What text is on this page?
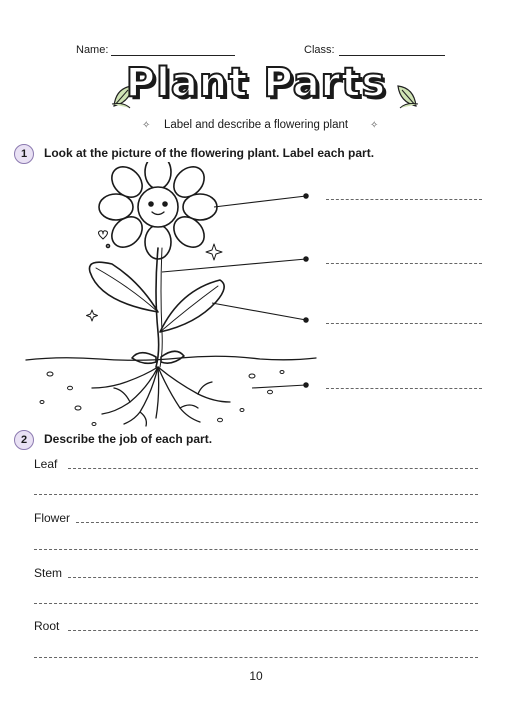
Name:	Class:
Plant Parts
✧	Label and describe a flowering plant	✧
1	Look at the picture of the flowering plant. Label each part.
2	Describe the job of each part.
Leaf
Flower
Stem
Root
10
